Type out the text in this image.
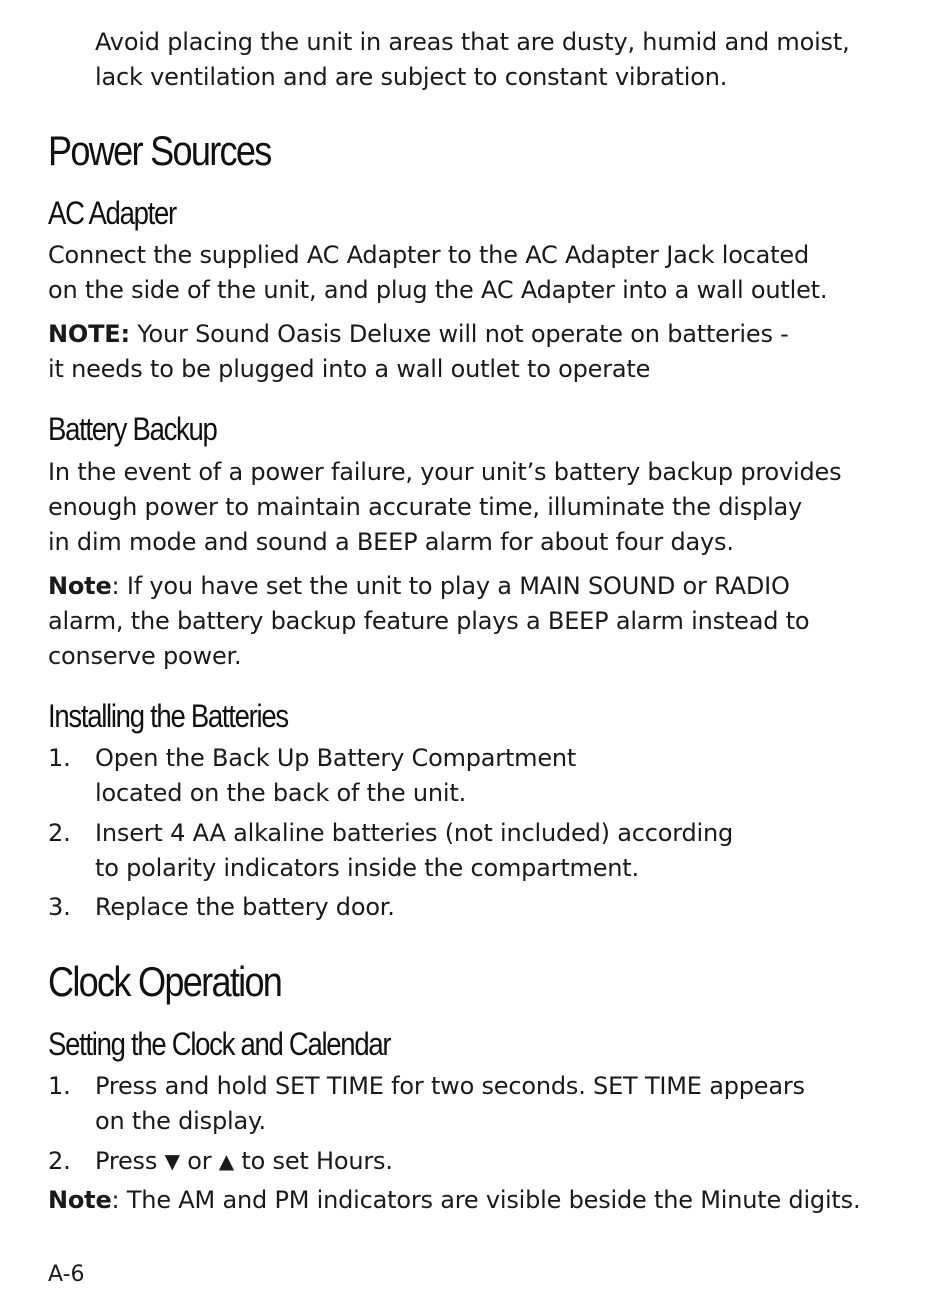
Avoid placing the unit in areas that are dusty, humid and moist,

lack ventilation and are subject to constant vibration.

Power Sources
AC Adapter

Connect the supplied AC Adapter to the AC Adapter Jack located

on the side of the unit, and plug the AC Adapter into a wall outlet.

NOTE: Your Sound Oasis Deluxe will not operate on batteries -

it needs to be plugged into a wall outlet to operate

Battery Backup

In the event of a power failure, your unit’s battery backup provides

enough power to maintain accurate time, illuminate the display

in dim mode and sound a BEEP alarm for about four days.

Note: If you have set the unit to play a MAIN SOUND or RADIO

alarm, the battery backup feature plays a BEEP alarm instead to

conserve power.

Installing the Batteries
1. Open the Back Up Battery Compartment

located on the back of the unit.

2. Insert 4 AA alkaline batteries (not included) according

to polarity indicators inside the compartment.

3. Replace the battery door.

Clock Operation
Setting the Clock and Calendar
1. Press and hold SET TIME for two seconds. SET TIME appears

on the display.

2. Press ▼ or ▲ to set Hours.

Note: The AM and PM indicators are visible beside the Minute digits.

A-6
